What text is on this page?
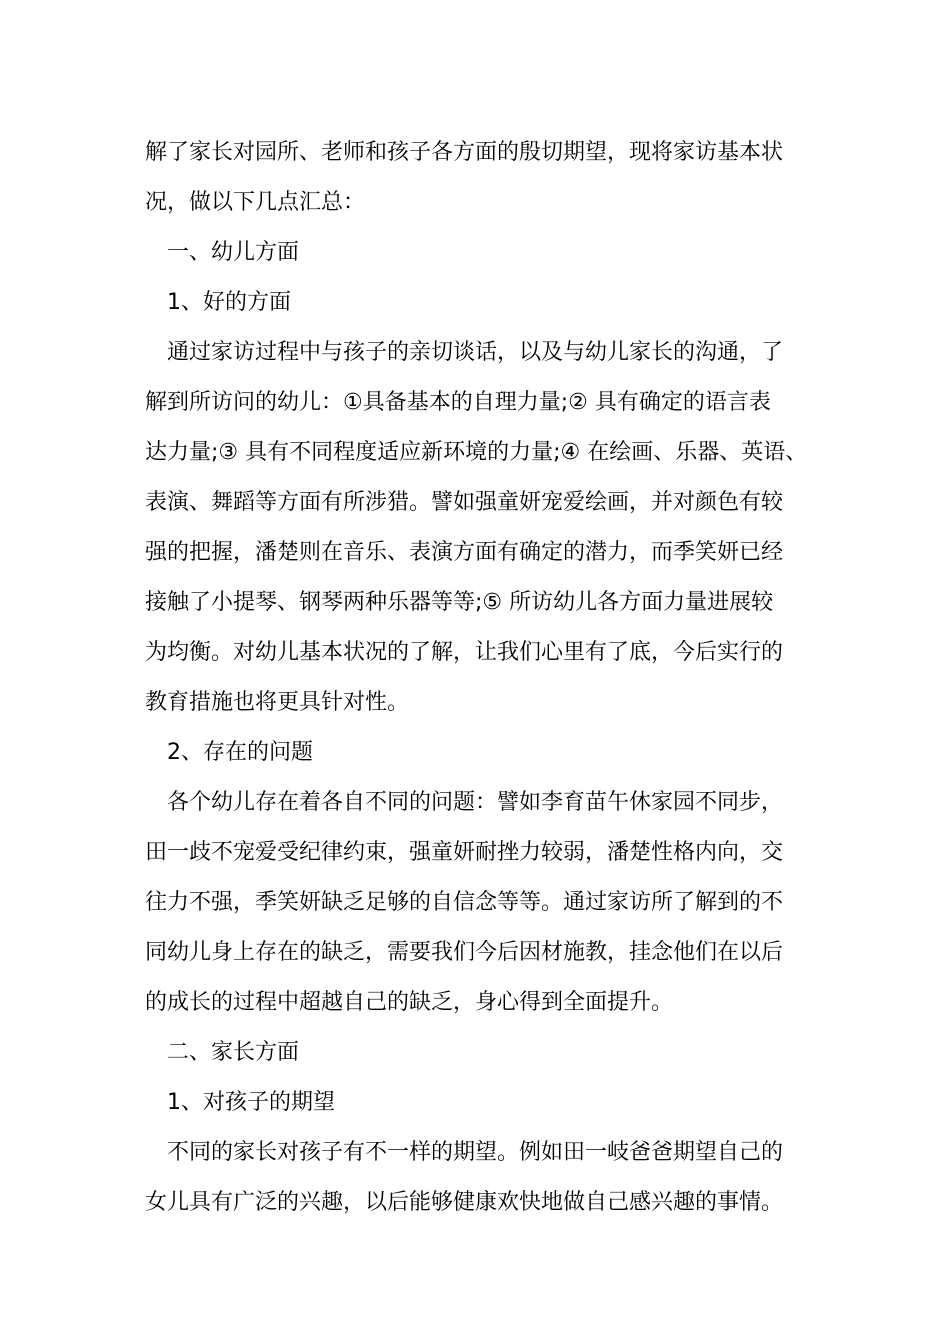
解了家长对园所、老师和孩子各方面的殷切期望，现将家访基本状
况，做以下几点汇总：
一、幼儿方面
1、好的方面
通过家访过程中与孩子的亲切谈话，以及与幼儿家长的沟通，了
解到所访问的幼儿：①具备基本的自理力量;② 具有确定的语言表
达力量;③ 具有不同程度适应新环境的力量;④ 在绘画、乐器、英语、
表演、舞蹈等方面有所涉猎。譬如强童妍宠爱绘画，并对颜色有较
强的把握，潘楚则在音乐、表演方面有确定的潜力，而季笑妍已经
接触了小提琴、钢琴两种乐器等等;⑤ 所访幼儿各方面力量进展较
为均衡。对幼儿基本状况的了解，让我们心里有了底，今后实行的
教育措施也将更具针对性。
2、存在的问题
各个幼儿存在着各自不同的问题：譬如李育苗午休家园不同步，
田一歧不宠爱受纪律约束，强童妍耐挫力较弱，潘楚性格内向，交
往力不强，季笑妍缺乏足够的自信念等等。通过家访所了解到的不
同幼儿身上存在的缺乏，需要我们今后因材施教，挂念他们在以后
的成长的过程中超越自己的缺乏，身心得到全面提升。
二、家长方面
1、对孩子的期望
不同的家长对孩子有不一样的期望。例如田一岐爸爸期望自己的
女儿具有广泛的兴趣，以后能够健康欢快地做自己感兴趣的事情。
